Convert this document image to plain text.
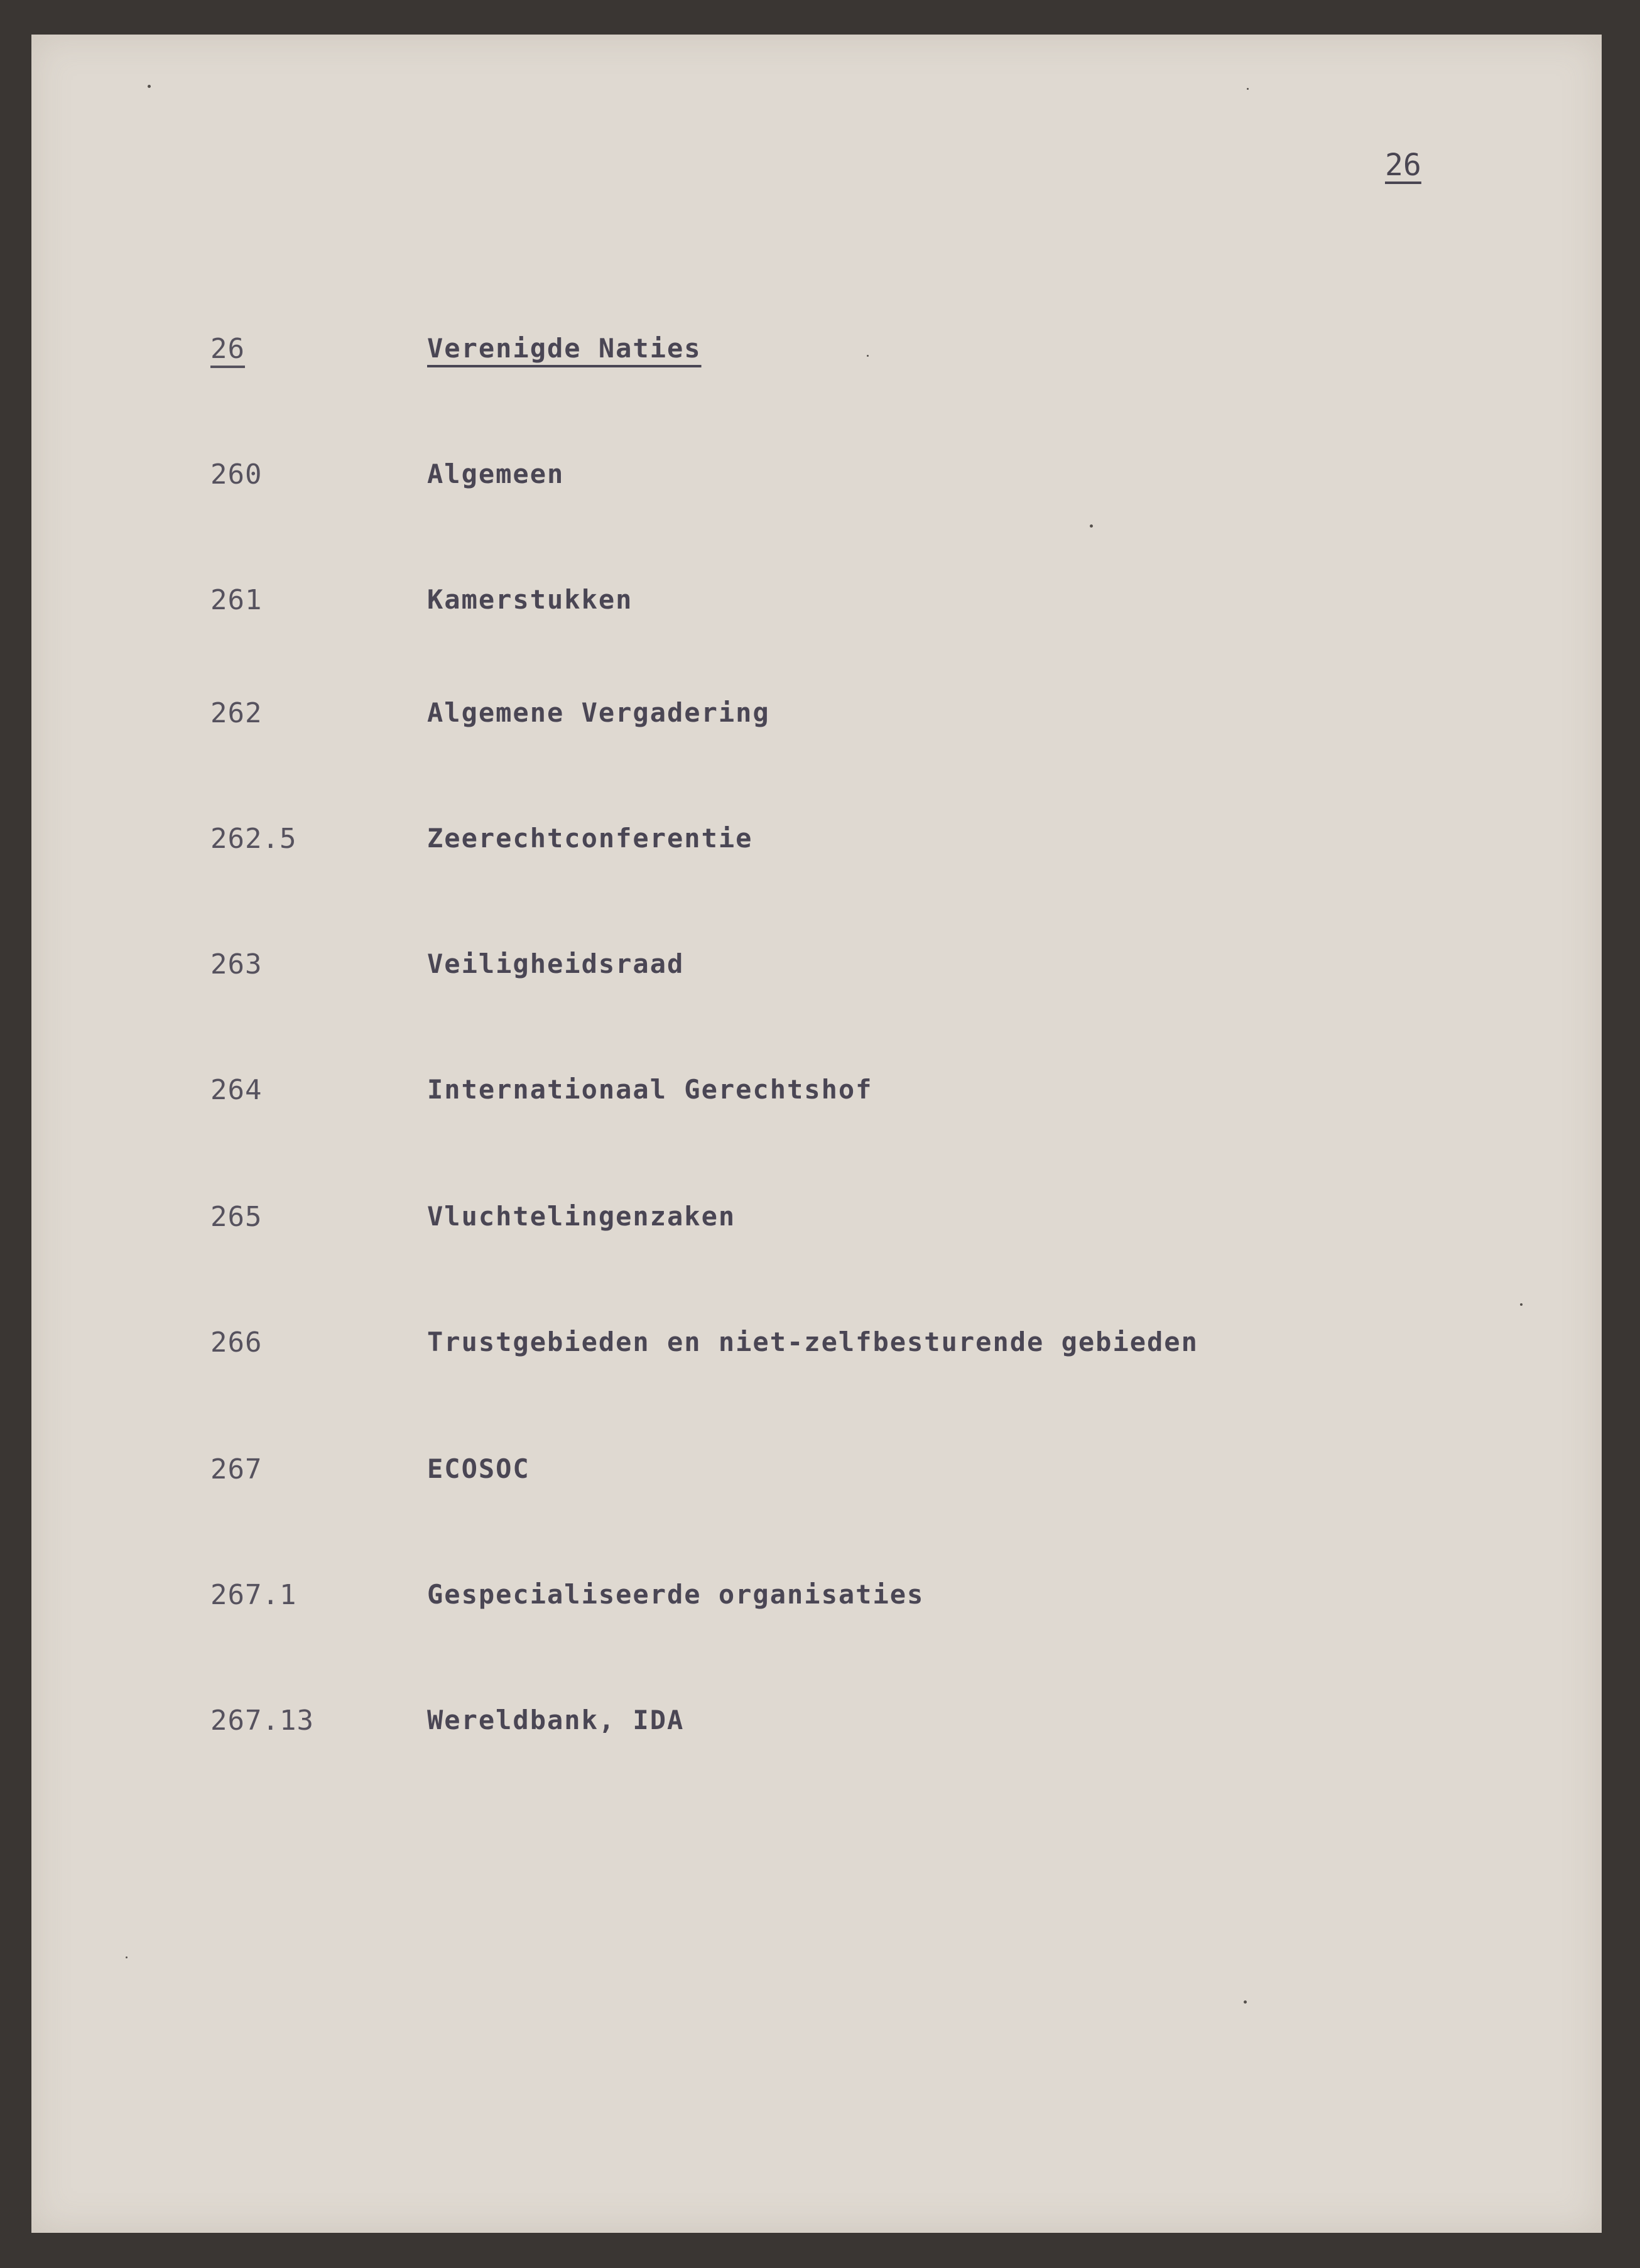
26
26	Verenigde Naties
260	Algemeen
261	Kamerstukken
262	Algemene Vergadering
262.5	Zeerechtconferentie
263	Veiligheidsraad
264	Internationaal Gerechtshof
265	Vluchtelingenzaken
266	Trustgebieden en niet-zelfbesturende gebieden
267	ECOSOC
267.1	Gespecialiseerde organisaties
267.13	Wereldbank, IDA
